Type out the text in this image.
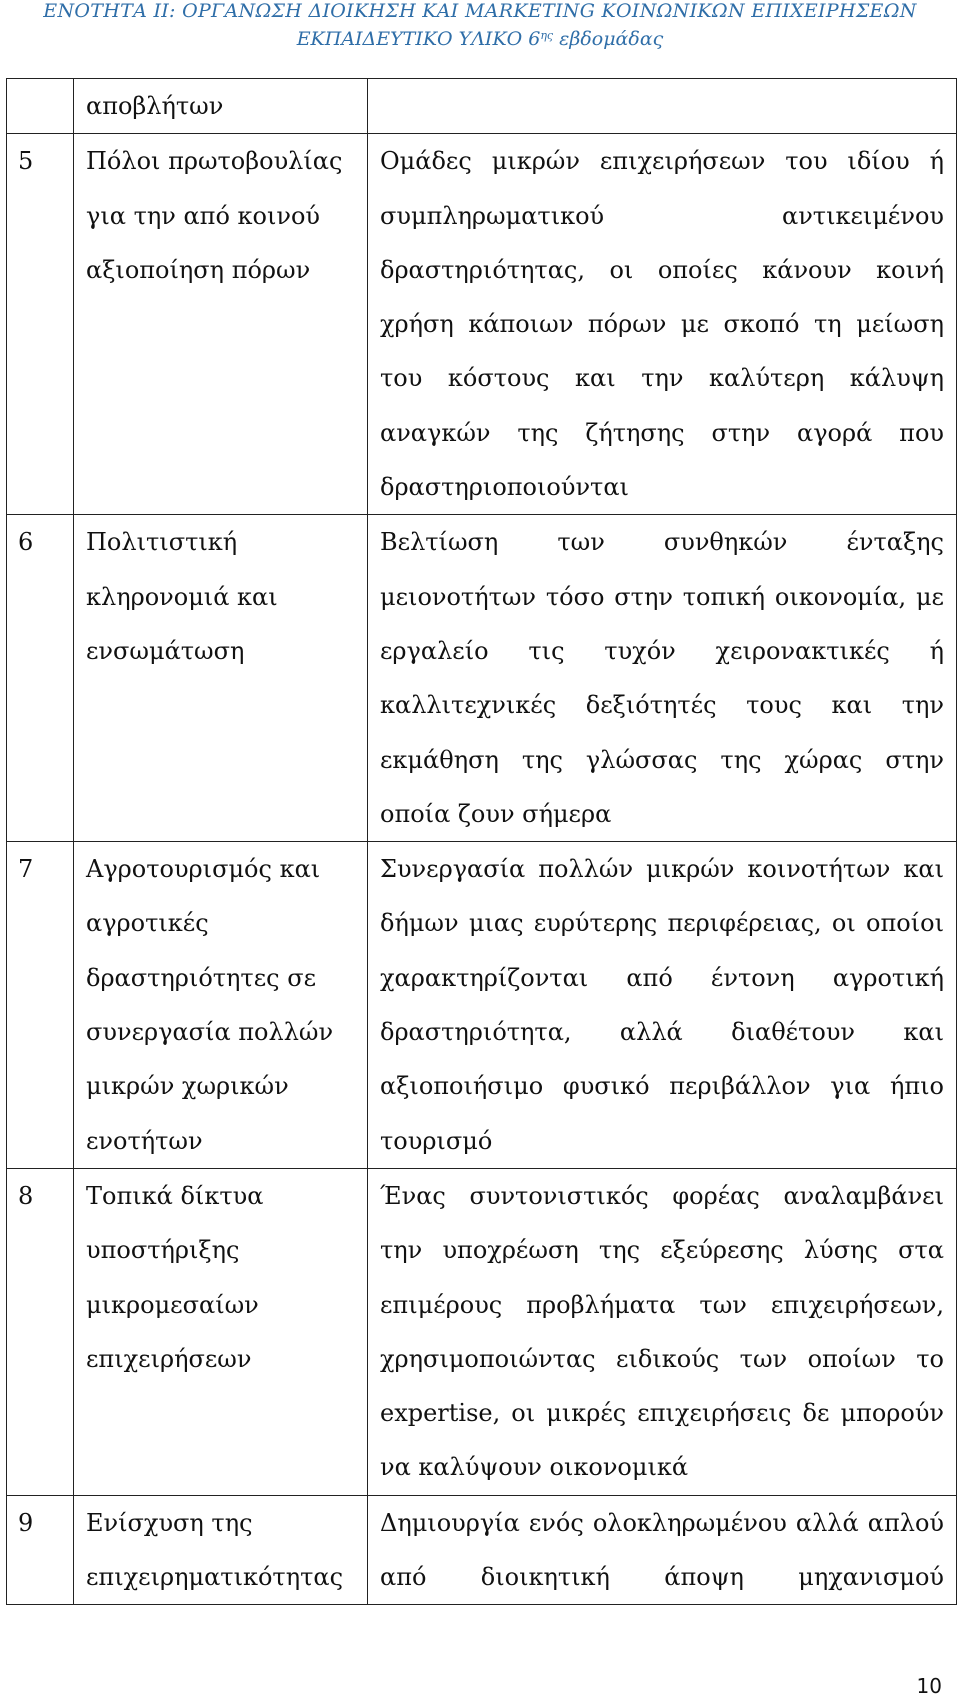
ΕΝΟΤΗΤΑ ΙΙ: ΟΡΓΑΝΩΣΗ ΔΙΟΙΚΗΣΗ ΚΑΙ MARKETING ΚΟΙΝΩΝΙΚΩΝ ΕΠΙΧΕΙΡΗΣΕΩΝ
ΕΚΠΑΙΔΕΥΤΙΚΟ ΥΛΙΚΟ $6^{\eta\varsigma}$ εβδομάδας
	αποβλήτων	
5	Πόλοι πρωτοβουλίας για την από κοινού αξιοποίηση πόρων	Ομάδες μικρών επιχειρήσεων του ιδίου ή συμπληρωματικού αντικειμένου δραστηριότητας, οι οποίες κάνουν κοινή χρήση κάποιων πόρων με σκοπό τη μείωση του κόστους και την καλύτερη κάλυψη αναγκών της ζήτησης στην αγορά που δραστηριοποιούνται
6	Πολιτιστική κληρονομιά και ενσωμάτωση	Βελτίωση των συνθηκών ένταξης μειονοτήτων τόσο στην τοπική οικονομία, με εργαλείο τις τυχόν χειρονακτικές ή καλλιτεχνικές δεξιότητές τους και την εκμάθηση της γλώσσας της χώρας στην οποία ζουν σήμερα
7	Αγροτουρισμός και αγροτικές δραστηριότητες σε συνεργασία πολλών μικρών χωρικών ενοτήτων	Συνεργασία πολλών μικρών κοινοτήτων και δήμων μιας ευρύτερης περιφέρειας, οι οποίοι χαρακτηρίζονται από έντονη αγροτική δραστηριότητα, αλλά διαθέτουν και αξιοποιήσιμο φυσικό περιβάλλον για ήπιο τουρισμό
8	Τοπικά δίκτυα υποστήριξης μικρομεσαίων επιχειρήσεων	Ένας συντονιστικός φορέας αναλαμβάνει την υποχρέωση της εξεύρεσης λύσης στα επιμέρους προβλήματα των επιχειρήσεων, χρησιμοποιώντας ειδικούς των οποίων το expertise, οι μικρές επιχειρήσεις δε μπορούν να καλύψουν οικονομικά
9	Ενίσχυση της επιχειρηματικότητας	Δημιουργία ενός ολοκληρωμένου αλλά απλού από διοικητική άποψη μηχανισμού
10
